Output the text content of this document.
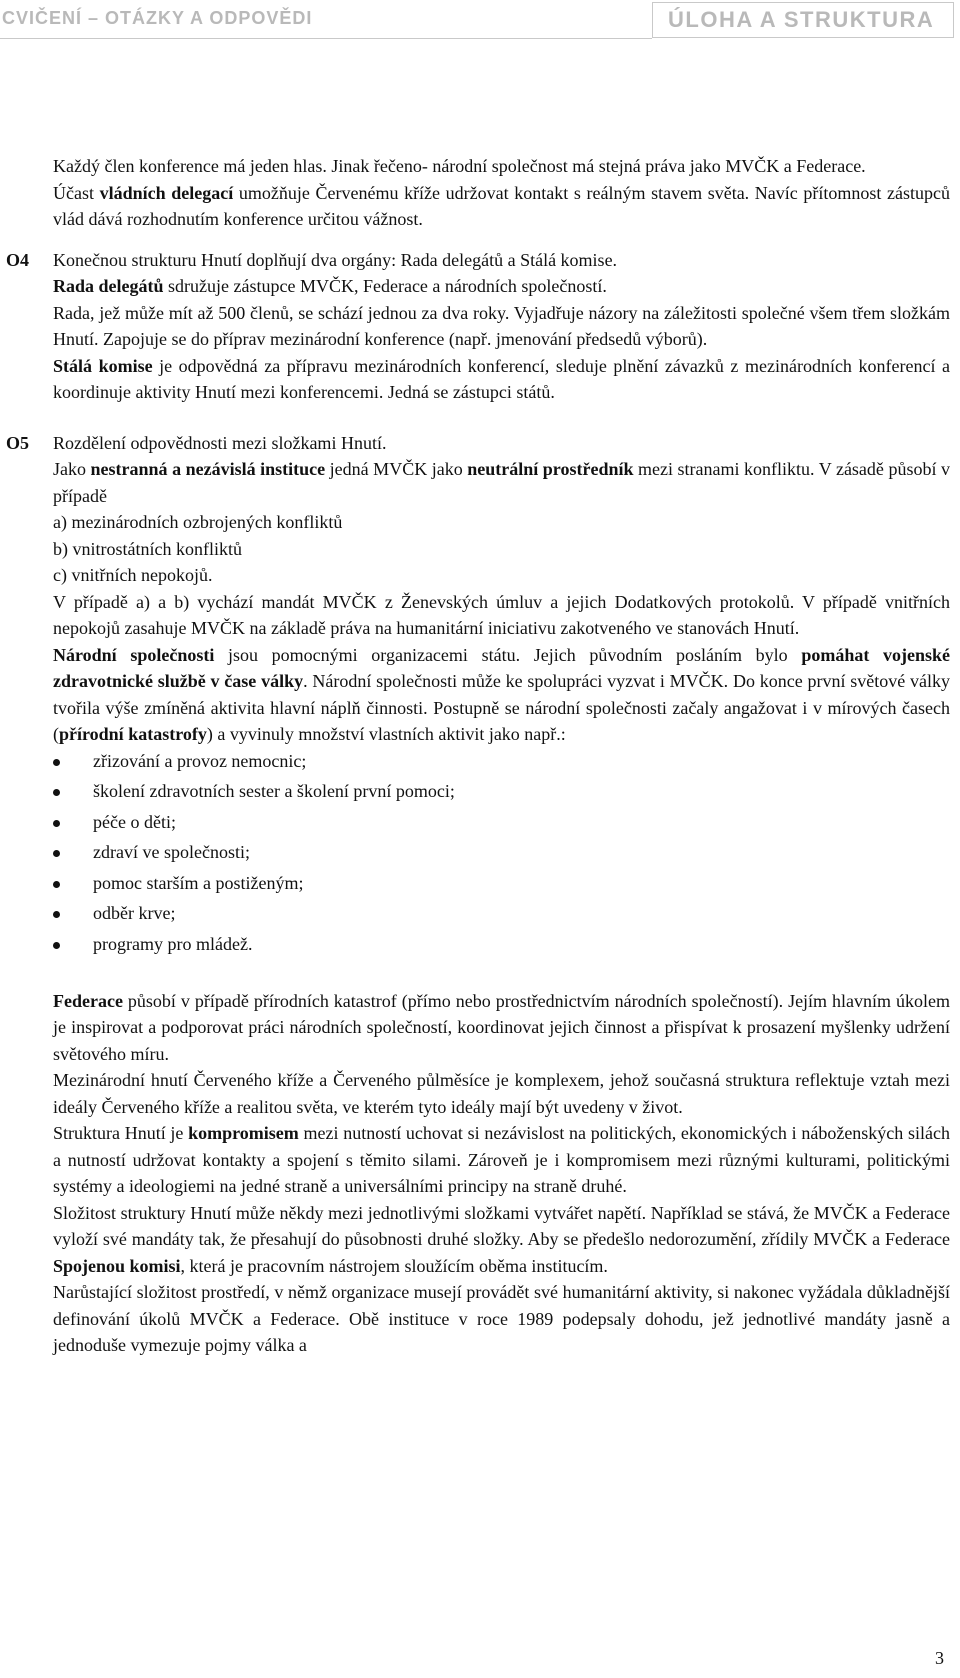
CVIČENÍ – OTÁZKY A ODPOVĚDI	ÚLOHA A STRUKTURA

Každý člen konference má jeden hlas. Jinak řečeno- národní společnost má stejná práva jako MVČK a Federace.

Účast vládních delegací umožňuje Červenému kříže udržovat kontakt s reálným stavem světa. Navíc přítomnost zástupců vlád dává rozhodnutím konference určitou vážnost.

O4 Konečnou strukturu Hnutí doplňují dva orgány: Rada delegátů a Stálá komise.

Rada delegátů sdružuje zástupce MVČK, Federace a národních společností.

Rada, jež může mít až 500 členů, se schází jednou za dva roky. Vyjadřuje názory na záležitosti společné všem třem složkám Hnutí. Zapojuje se do příprav mezinárodní konference (např. jmenování předsedů výborů).

Stálá komise je odpovědná za přípravu mezinárodních konferencí, sleduje plnění závazků z mezinárodních konferencí a koordinuje aktivity Hnutí mezi konferencemi. Jedná se zástupci států.

O5 Rozdělení odpovědnosti mezi složkami Hnutí.

Jako nestranná a nezávislá instituce jedná MVČK jako neutrální prostředník mezi stranami konfliktu. V zásadě působí v případě

a) mezinárodních ozbrojených konfliktů

b) vnitrostátních konfliktů

c) vnitřních nepokojů.

V případě a) a b) vychází mandát MVČK z Ženevských úmluv a jejich Dodatkových protokolů. V případě vnitřních nepokojů zasahuje MVČK na základě práva na humanitární iniciativu zakotveného ve stanovách Hnutí.

Národní společnosti jsou pomocnými organizacemi státu. Jejich původním posláním bylo pomáhat vojenské zdravotnické službě v čase války. Národní společnosti může ke spolupráci vyzvat i MVČK. Do konce první světové války tvořila výše zmíněná aktivita hlavní náplň činnosti. Postupně se národní společnosti začaly angažovat i v mírových časech (přírodní katastrofy) a vyvinuly množství vlastních aktivit jako např.:

zřizování a provoz nemocnic;
školení zdravotních sester a školení první pomoci;
péče o děti;
zdraví ve společnosti;
pomoc starším a postiženým;
odběr krve;
programy pro mládež.

Federace působí v případě přírodních katastrof (přímo nebo prostřednictvím národních společností). Jejím hlavním úkolem je inspirovat a podporovat práci národních společností, koordinovat jejich činnost a přispívat k prosazení myšlenky udržení světového míru.

Mezinárodní hnutí Červeného kříže a Červeného půlměsíce je komplexem, jehož současná struktura reflektuje vztah mezi ideály Červeného kříže a realitou světa, ve kterém tyto ideály mají být uvedeny v život.

Struktura Hnutí je kompromisem mezi nutností uchovat si nezávislost na politických, ekonomických i náboženských silách a nutností udržovat kontakty a spojení s těmito silami. Zároveň je i kompromisem mezi různými kulturami, politickými systémy a ideologiemi na jedné straně a universálními principy na straně druhé.

Složitost struktury Hnutí může někdy mezi jednotlivými složkami vytvářet napětí. Například se stává, že MVČK a Federace vyloží své mandáty tak, že přesahují do působnosti druhé složky. Aby se předešlo nedorozumění, zřídily MVČK a Federace Spojenou komisi, která je pracovním nástrojem sloužícím oběma institucím.

Narůstající složitost prostředí, v němž organizace musejí provádět své humanitární aktivity, si nakonec vyžádala důkladnější definování úkolů MVČK a Federace. Obě instituce v roce 1989 podepsaly dohodu, jež jednotlivé mandáty jasně a jednoduše vymezuje pojmy válka a

3
